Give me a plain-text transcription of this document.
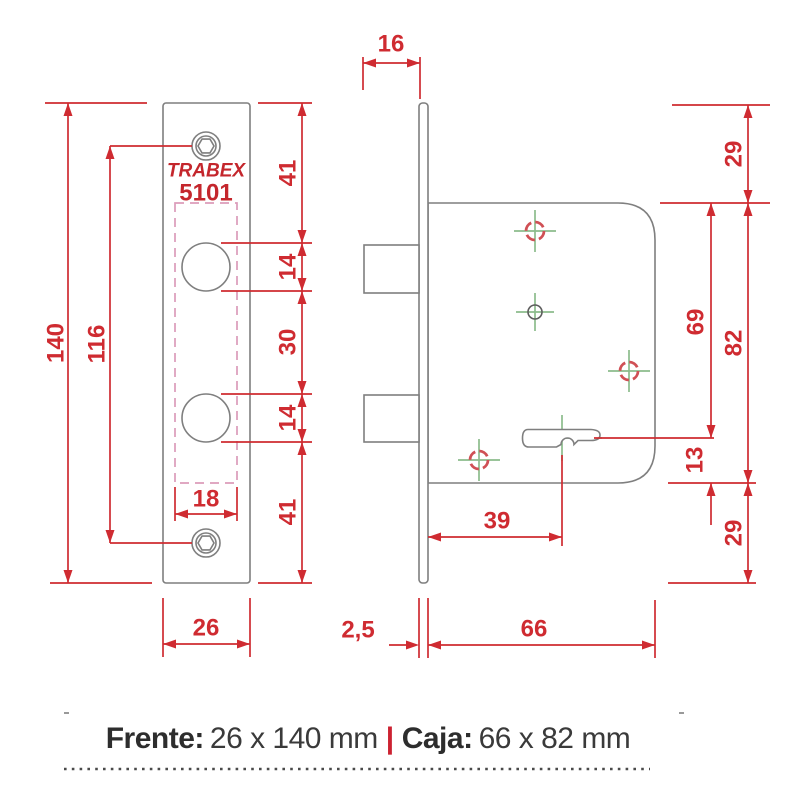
TRABEX
5101
140 116
41
14
30
14
41
18
26
16
29
82
29
69
13
39
66
2,5
Frente: 26 x 140 mm | Caja: 66 x 82 mm
